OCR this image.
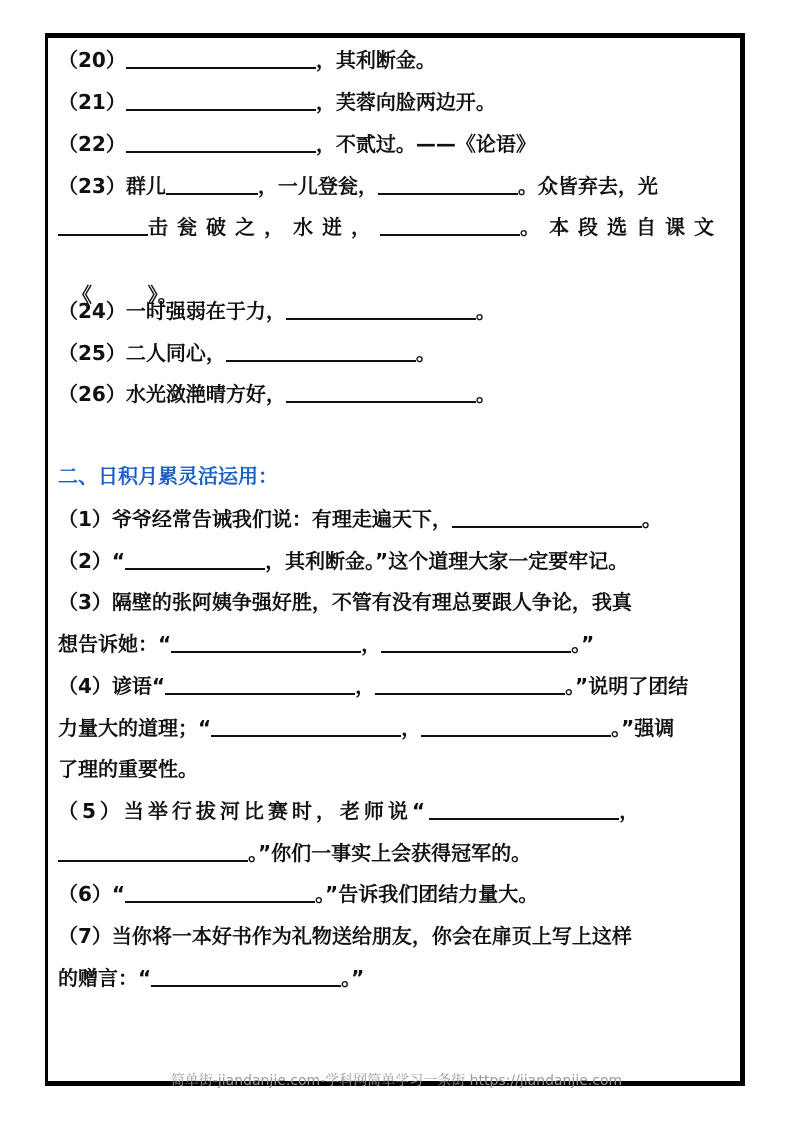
（20）	，其利断金。
（21）	，芙蓉向脸两边开。
（22）	，不贰过。——《论语》
（23）群儿	，一儿登瓮，	。众皆弃去，光
击瓮破之，水迸，	。本段选自课文

《        》。

（24）一时强弱在于力，	。
（25）二人同心，	。
（26）水光潋滟晴方好，	。
二、日积月累灵活运用：
（1）爷爷经常告诫我们说：有理走遍天下，	。
（2）“	，其利断金。”这个道理大家一定要牢记。
（3）隔壁的张阿姨争强好胜，不管有没有理总要跟人争论，我真
想告诉她：“	，	。”
（4）谚语“	，	。”说明了团结
力量大的道理；“	，	。”强调
了理的重要性。
（5）当举行拔河比赛时，老师说“	，
。”你们一事实上会获得冠军的。
（6）“	。”告诉我们团结力量大。
（7）当你将一本好书作为礼物送给朋友，你会在扉页上写上这样
的赠言：“	。”
简单街-jiandanjie.com-学科网简单学习一条街 https://jiandanjie.com
